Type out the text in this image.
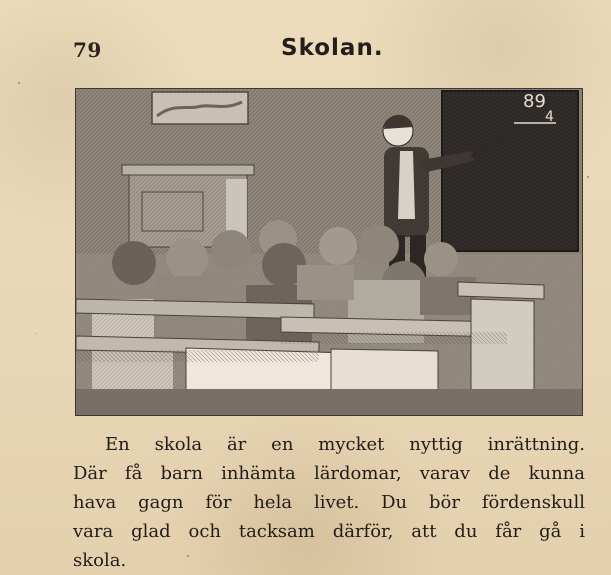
79	Skolan.
89
4
En skola är en mycket nyttig inrättning.
Där få barn inhämta lärdomar, varav de kunna
hava gagn för hela livet. Du bör fördenskull
vara glad och tacksam därför, att du får gå i
skola.
